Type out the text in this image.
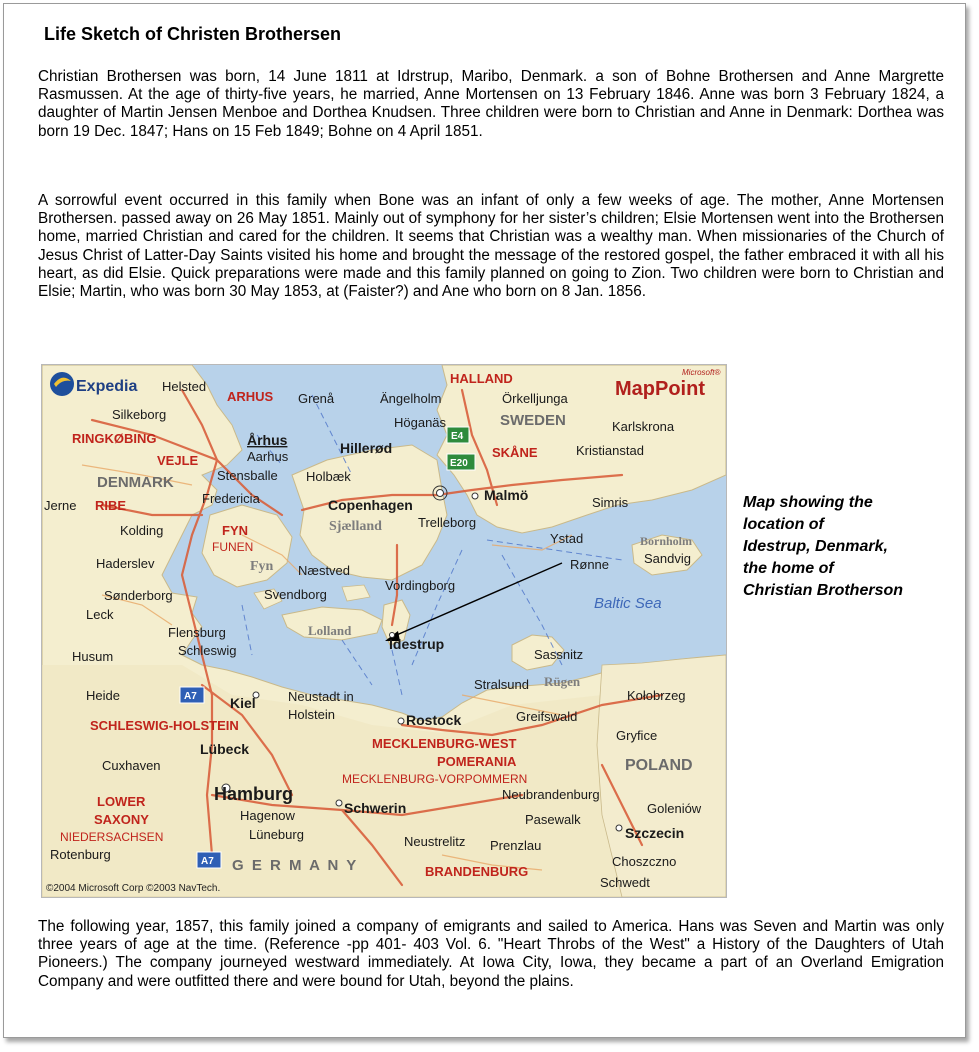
Life Sketch of Christen Brothersen

Christian Brothersen was born, 14 June 1811 at Idrstrup, Maribo, Denmark. a son of Bohne Brothersen and Anne Margrette Rasmussen. At the age of thirty-five years, he married, Anne Mortensen on 13 February 1846. Anne was born 3 February 1824, a daughter of Martin Jensen Menboe and Dorthea Knudsen. Three children were born to Christian and Anne in Denmark: Dorthea was born 19 Dec. 1847; Hans on 15 Feb 1849; Bohne on 4 April 1851.

A sorrowful event occurred in this family when Bone was an infant of only a few weeks of age. The mother, Anne Mortensen Brothersen. passed away on 26 May 1851. Mainly out of symphony for her sister’s children; Elsie Mortensen went into the Brothersen home, married Christian and cared for the children. It seems that Christian was a wealthy man. When missionaries of the Church of Jesus Christ of Latter-Day Saints visited his home and brought the message of the restored gospel, the father embraced it with all his heart, as did Elsie. Quick preparations were made and this family planned on going to Zion. Two children were born to Christian and Elsie; Martin, who was born 30 May 1853, at (Faister?) and Ane who born on 8 Jan. 1856.

Expedia
Microsoft®
MapPoint
E4
E20
A7
A7
ARHUS
RINGKØBING
VEJLE
RIBE
FYN
HALLAND
SKÅNE
SCHLESWIG-HOLSTEIN
MECKLENBURG-WEST
POMERANIA
LOWER
SAXONY
BRANDENBURG
FUNEN
MECKLENBURG-VORPOMMERN
NIEDERSACHSEN
DENMARK
SWEDEN
POLAND
G E R M A N Y
Sjælland
Fyn
Lolland
Bornholm
Rügen
Baltic Sea
Helsted
Grenå
Silkeborg
Århus
Aarhus
Stensballe
Jerne	Fredericia
Kolding
Haderslev
Sønderborg
Leck
Flensburg
Schleswig
Husum
Heide	Kiel
Lübeck
Cuxhaven
Hamburg
Hagenow
Lüneburg
Rotenburg
Ängelholm	Örkelljunga
Höganäs
Hillerød
Karlskrona
Kristianstad
Holbæk
Copenhagen
Malmö	Simris
Ystad
Trelleborg
Rønne	Sandvig
Næstved
Vordingborg
Svendborg
Idestrup
Sassnitz
Stralsund
Kołobrzeg
Neustadt in
Holstein	Rostock	Greifswald
Gryfice
Schwerin
Neubrandenburg
Pasewalk
Goleniów
Szczecin
Neustrelitz Prenzlau
Choszczno
Schwedt
©2004 Microsoft Corp ©2003 NavTech.
Map showing the
location of
Idestrup, Denmark,
the home of
Christian Brotherson

The following year, 1857, this family joined a company of emigrants and sailed to America. Hans was Seven and Martin was only three years of age at the time. (Reference -pp 401- 403 Vol. 6. "Heart Throbs of the West" a History of the Daughters of Utah Pioneers.) The company journeyed westward immediately. At Iowa City, Iowa, they became a part of an Overland Emigration Company and were outfitted there and were bound for Utah, beyond the plains.
